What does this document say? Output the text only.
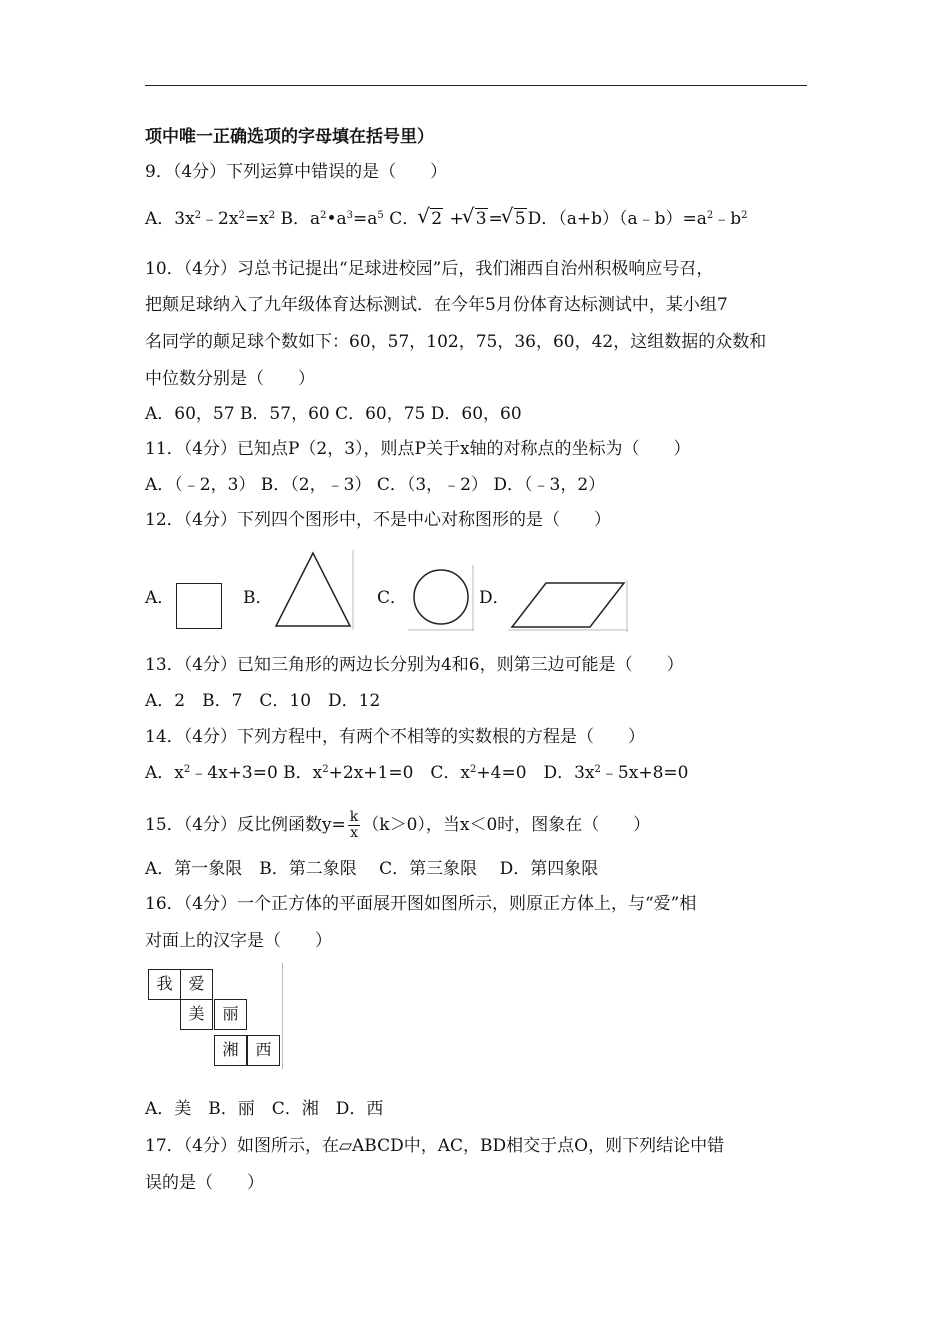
项中唯一正确选项的字母填在括号里）
9．（4分）下列运算中错误的是（　　）
A．$3x^2﹣2x^2=x^2$ B．$a^2•a^3=a^5$ C． √ 2 + √ 3 = √ 5 D．$(a+b)(a﹣b)=a^2﹣b^2$
10．（4分）习总书记提出“足球进校园”后，我们湘西自治州积极响应号召，
把颠足球纳入了九年级体育达标测试．在今年5月份体育达标测试中，某小组7
名同学的颠足球个数如下：60，57，102，75，36，60，42，这组数据的众数和
中位数分别是（　　）
A．60，57 B．57，60 C．60，75 D．60，60
11．（4分）已知点P（2，3），则点P关于x轴的对称点的坐标为（　　）
A．（﹣2，3） B．（2，﹣3） C．（3，﹣2） D．（﹣3，2）
12．（4分）下列四个图形中，不是中心对称图形的是（　　）
A．	B．	C．	D．
13．（4分）已知三角形的两边长分别为4和6，则第三边可能是（　　）
A．2　B．7　C．10　D．12
14．（4分）下列方程中，有两个不相等的实数根的方程是（　　）
A．$x^2﹣4x+3=0$ B．$x^2+2x+1=0$　C．$x^2+4=0$　D．$3x^2﹣5x+8=0$
15．（4分）反比例函数$y= \frac{k}{x} (k>0)$，当x＜0时，图象在（　　）
A．第一象限　B．第二象限　 C．第三象限　 D．第四象限
16．（4分）一个正方体的平面展开图如图所示，则原正方体上，与“爱”相
对面上的汉字是（　　）
我 爱
美	丽
湘	西
A．美　B．丽　C．湘　D．西
17．（4分）如图所示，在▱ABCD中，AC，BD相交于点O，则下列结论中错
误的是（　　）
